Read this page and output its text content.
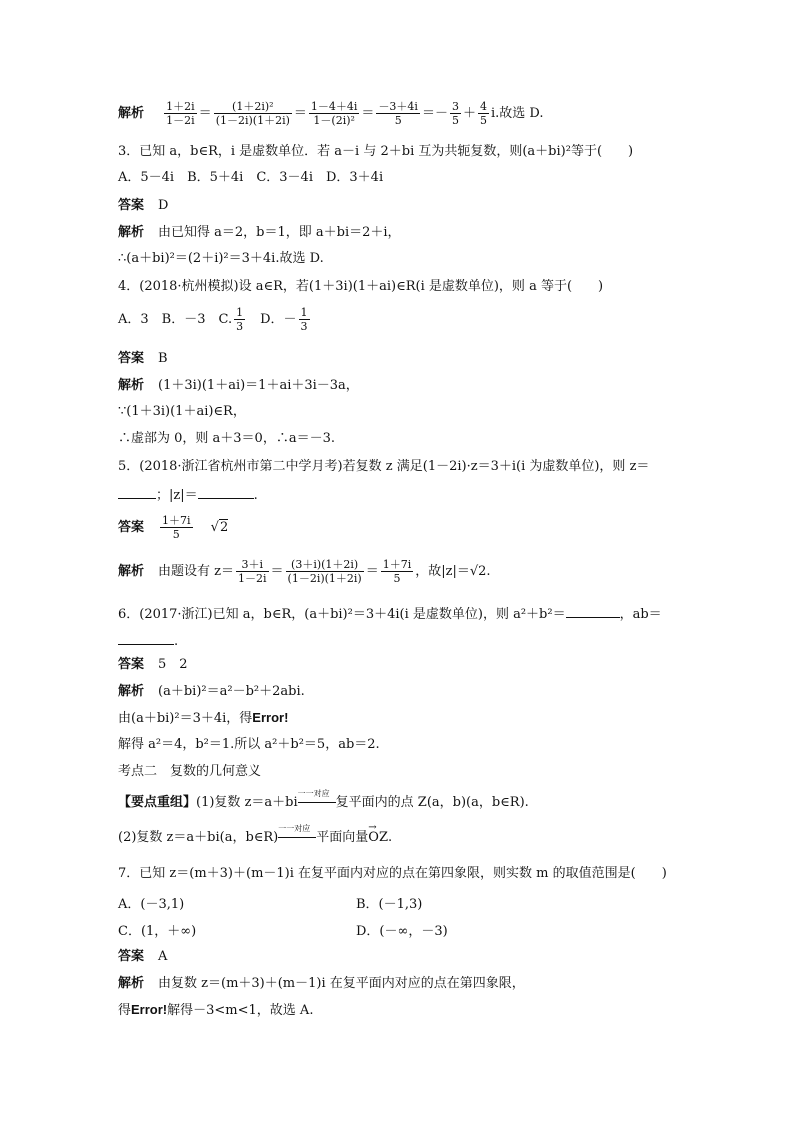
解析 $\frac{1+2i}{1-2i} = \frac{\text{(1＋2i)²}}{(1-2i)(1+2i)} = \frac{1-4+4i}{\text{1－(2i)²}} = \frac{-3+4i}{5} =- \frac{3}{5} + \frac{4}{5} i$.故选 D.
3．已知 a，b∈R，i 是虚数单位．若 a－i 与 2＋bi 互为共轭复数，则(a＋bi)²等于(　　)
A．5－4i　B．5＋4i　C．3－4i　D．3＋4i
答案 D
解析 由已知得 a＝2，b＝1，即 a＋bi＝2＋i，
∴(a＋bi)²＝(2＋i)²＝3＋4i.故选 D.
4．(2018·杭州模拟)设 a∈R，若(1＋3i)(1＋ai)∈R(i 是虚数单位)，则 a 等于(　　)
A．3　B．－3　C. $\frac{1}{3}$ 　D．－ $\frac{1}{3}$
答案 B
解析 (1＋3i)(1＋ai)＝1＋ai＋3i－3a，
∵(1＋3i)(1＋ai)∈R，
∴虚部为 0，则 a＋3＝0，∴a＝－3.
5．(2018·浙江省杭州市第二中学月考)若复数 z 满足(1－2i)·z＝3＋i(i 为虚数单位)，则 z＝
；|z|＝	.
答案 $\frac{1+7i}{5} √2$
解析 由题设有 $z= \frac{3+i}{1-2i} = \frac{(3+i)(1+2i)}{(1-2i)(1+2i)} = \frac{1+7i}{5}$ ，故|z|＝√2.
6．(2017·浙江)已知 a，b∈R，(a＋bi)²＝3＋4i(i 是虚数单位)，则 a²＋b²＝	，ab＝
.
答案 5　2
解析 (a＋bi)²＝a²－b²＋2abi.
由(a＋bi)²＝3＋4i，得Error!
解得 a²＝4，b²＝1.所以 a²＋b²＝5，ab＝2.
考点二　复数的几何意义
【要点重组】(1)复数 z＝a＋bi
一一对应
复平面内的点 Z(a，b)(a，b∈R).
(2)复数 z＝a＋bi(a，b∈R)
一一对应
平面向量
→
OZ.
7．已知 z＝(m＋3)＋(m－1)i 在复平面内对应的点在第四象限，则实数 m 的取值范围是(　　)
A．(－3,1)	B．(－1,3)
C．(1，＋∞)	D．(－∞，－3)
答案 A
解析 由复数 z＝(m＋3)＋(m－1)i 在复平面内对应的点在第四象限，
得Error!解得－3<m<1，故选 A.
